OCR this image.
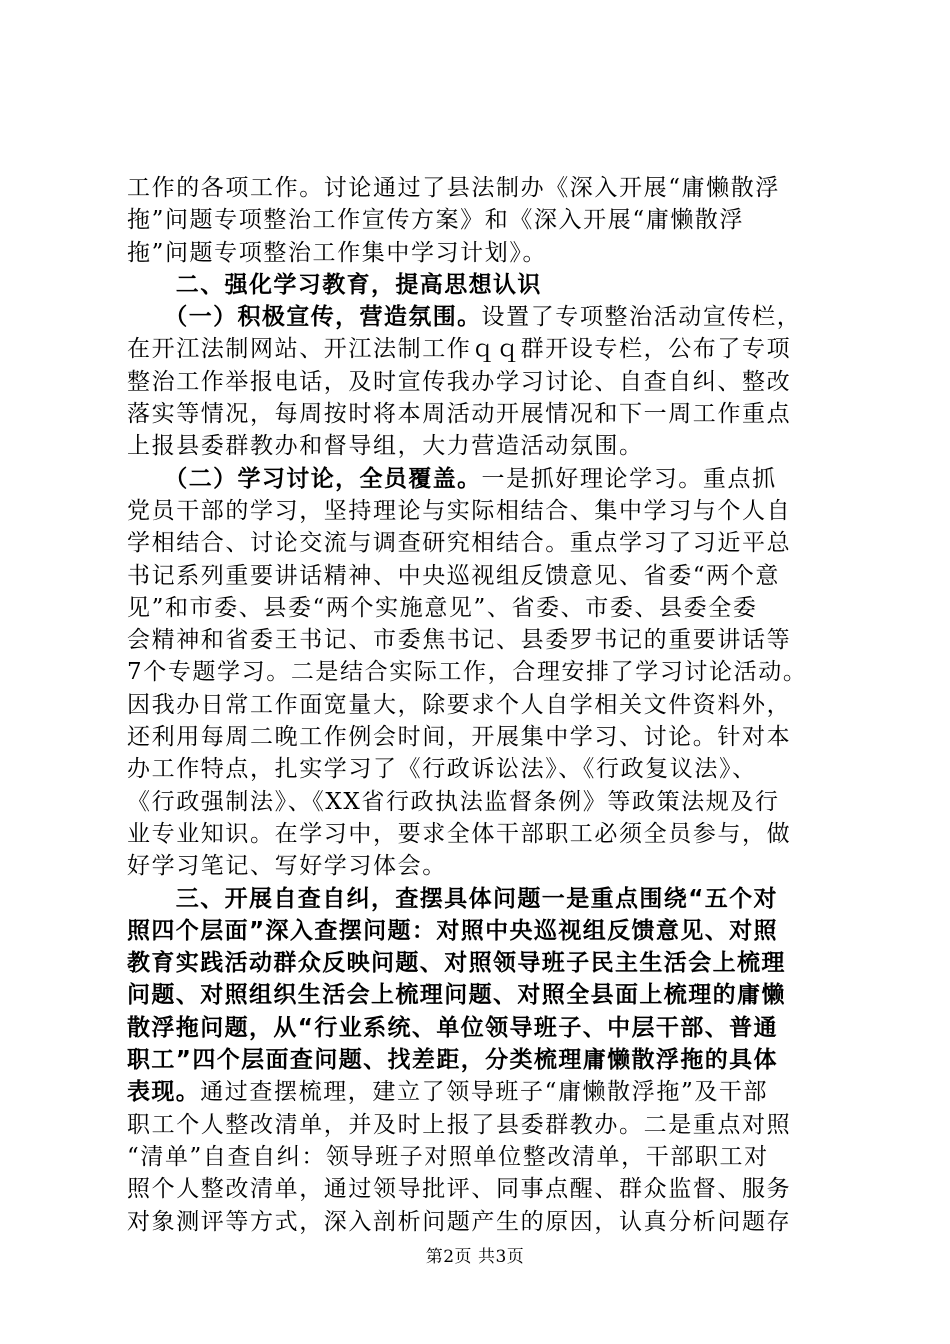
工作的各项工作。讨论通过了县法制办《深入开展“庸懒散浮
拖”问题专项整治工作宣传方案》和《深入开展“庸懒散浮
拖”问题专项整治工作集中学习计划》。
　　二、强化学习教育，提高思想认识
　　（一）积极宣传，营造氛围。设置了专项整治活动宣传栏，
在开江法制网站、开江法制工作ｑｑ群开设专栏，公布了专项
整治工作举报电话，及时宣传我办学习讨论、自查自纠、整改
落实等情况，每周按时将本周活动开展情况和下一周工作重点
上报县委群教办和督导组，大力营造活动氛围。
　　（二）学习讨论，全员覆盖。一是抓好理论学习。重点抓
党员干部的学习，坚持理论与实际相结合、集中学习与个人自
学相结合、讨论交流与调查研究相结合。重点学习了习近平总
书记系列重要讲话精神、中央巡视组反馈意见、省委“两个意
见”和市委、县委“两个实施意见”、省委、市委、县委全委
会精神和省委王书记、市委焦书记、县委罗书记的重要讲话等
7个专题学习。二是结合实际工作，合理安排了学习讨论活动。
因我办日常工作面宽量大，除要求个人自学相关文件资料外，
还利用每周二晚工作例会时间，开展集中学习、讨论。针对本
办工作特点，扎实学习了《行政诉讼法》、《行政复议法》、
《行政强制法》、《XX省行政执法监督条例》等政策法规及行
业专业知识。在学习中，要求全体干部职工必须全员参与，做
好学习笔记、写好学习体会。
　　三、开展自查自纠，查摆具体问题一是重点围绕“五个对
照四个层面”深入查摆问题：对照中央巡视组反馈意见、对照
教育实践活动群众反映问题、对照领导班子民主生活会上梳理
问题、对照组织生活会上梳理问题、对照全县面上梳理的庸懒
散浮拖问题，从“行业系统、单位领导班子、中层干部、普通
职工”四个层面查问题、找差距，分类梳理庸懒散浮拖的具体
表现。通过查摆梳理，建立了领导班子“庸懒散浮拖”及干部
职工个人整改清单，并及时上报了县委群教办。二是重点对照
“清单”自查自纠：领导班子对照单位整改清单，干部职工对
照个人整改清单，通过领导批评、同事点醒、群众监督、服务
对象测评等方式，深入剖析问题产生的原因，认真分析问题存
第2页 共3页
